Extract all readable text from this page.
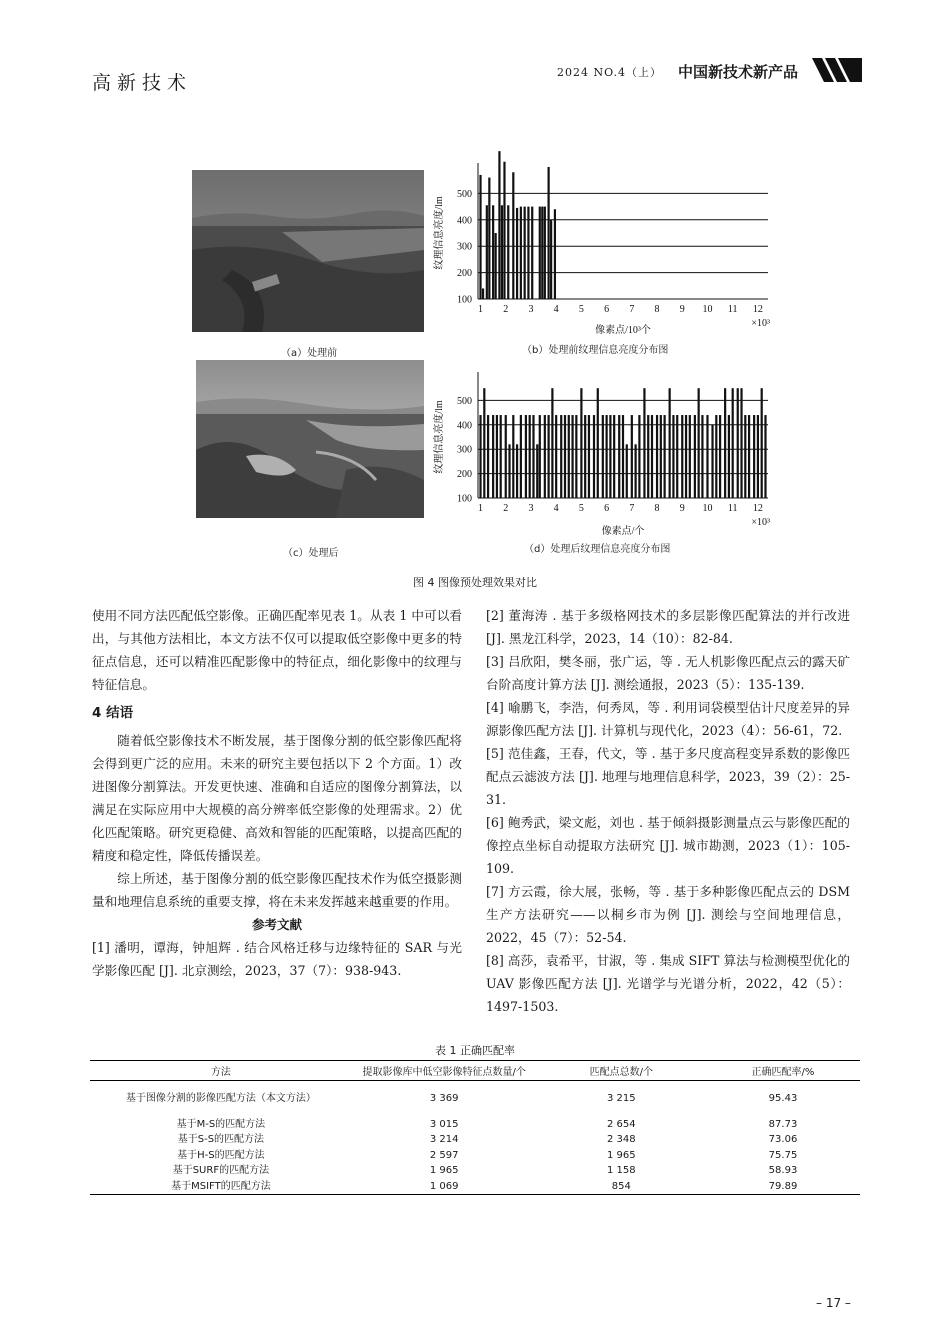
高新技术	2024 NO.4（上） 中国新技术新产品
（a）处理前
100
200
300
400
500
1 2 3 4 5 6 7 8 9 10 11 12
×10³
像素点/10³个
纹理信息亮度/lm
（b）处理前纹理信息亮度分布图
（c）处理后
100
200
300
400
500
1 2 3 4 5 6 7 8 9 10 11 12
×10³
像素点/个
纹理信息亮度/lm
（d）处理后纹理信息亮度分布图
图 4 图像预处理效果对比

使用不同方法匹配低空影像。正确匹配率见表 1。从表 1 中可以看出，与其他方法相比，本文方法不仅可以提取低空影像中更多的特征点信息，还可以精准匹配影像中的特征点，细化影像中的纹理与特征信息。

4 结语

随着低空影像技术不断发展，基于图像分割的低空影像匹配将会得到更广泛的应用。未来的研究主要包括以下 2 个方面。1）改进图像分割算法。开发更快速、准确和自适应的图像分割算法，以满足在实际应用中大规模的高分辨率低空影像的处理需求。2）优化匹配策略。研究更稳健、高效和智能的匹配策略，以提高匹配的精度和稳定性，降低传播误差。

综上所述，基于图像分割的低空影像匹配技术作为低空摄影测量和地理信息系统的重要支撑，将在未来发挥越来越重要的作用。

参考文献

[1] 潘明，谭海，钟旭辉 . 结合风格迁移与边缘特征的 SAR 与光学影像匹配 [J]. 北京测绘，2023，37（7）：938-943.

[2] 董海涛 . 基于多级格网技术的多层影像匹配算法的并行改进 [J]. 黑龙江科学，2023，14（10）：82-84.

[3] 吕欣阳，樊冬丽，张广运，等 . 无人机影像匹配点云的露天矿台阶高度计算方法 [J]. 测绘通报，2023（5）：135-139.

[4] 喻鹏飞，李浩，何秀凤，等 . 利用词袋模型估计尺度差异的异源影像匹配方法 [J]. 计算机与现代化，2023（4）：56-61，72.

[5] 范佳鑫，王春，代文，等 . 基于多尺度高程变异系数的影像匹配点云滤波方法 [J]. 地理与地理信息科学，2023，39（2）：25-31.

[6] 鲍秀武，梁文彪，刘也 . 基于倾斜摄影测量点云与影像匹配的像控点坐标自动提取方法研究 [J]. 城市勘测，2023（1）：105-109.

[7] 方云霞，徐大展，张畅，等 . 基于多种影像匹配点云的 DSM 生产方法研究——以桐乡市为例 [J]. 测绘与空间地理信息，2022，45（7）：52-54.

[8] 高莎，袁希平，甘淑，等 . 集成 SIFT 算法与检测模型优化的 UAV 影像匹配方法 [J]. 光谱学与光谱分析，2022，42（5）：1497-1503.

表 1 正确匹配率
方法	提取影像库中低空影像特征点数量/个	匹配点总数/个	正确匹配率/%
基于图像分割的影像匹配方法（本文方法）	3 369	3 215	95.43
基于M-S的匹配方法	3 015	2 654	87.73
基于S-S的匹配方法	3 214	2 348	73.06
基于H-S的匹配方法	2 597	1 965	75.75
基于SURF的匹配方法	1 965	1 158	58.93
基于MSIFT的匹配方法	1 069	854	79.89
– 17 –
